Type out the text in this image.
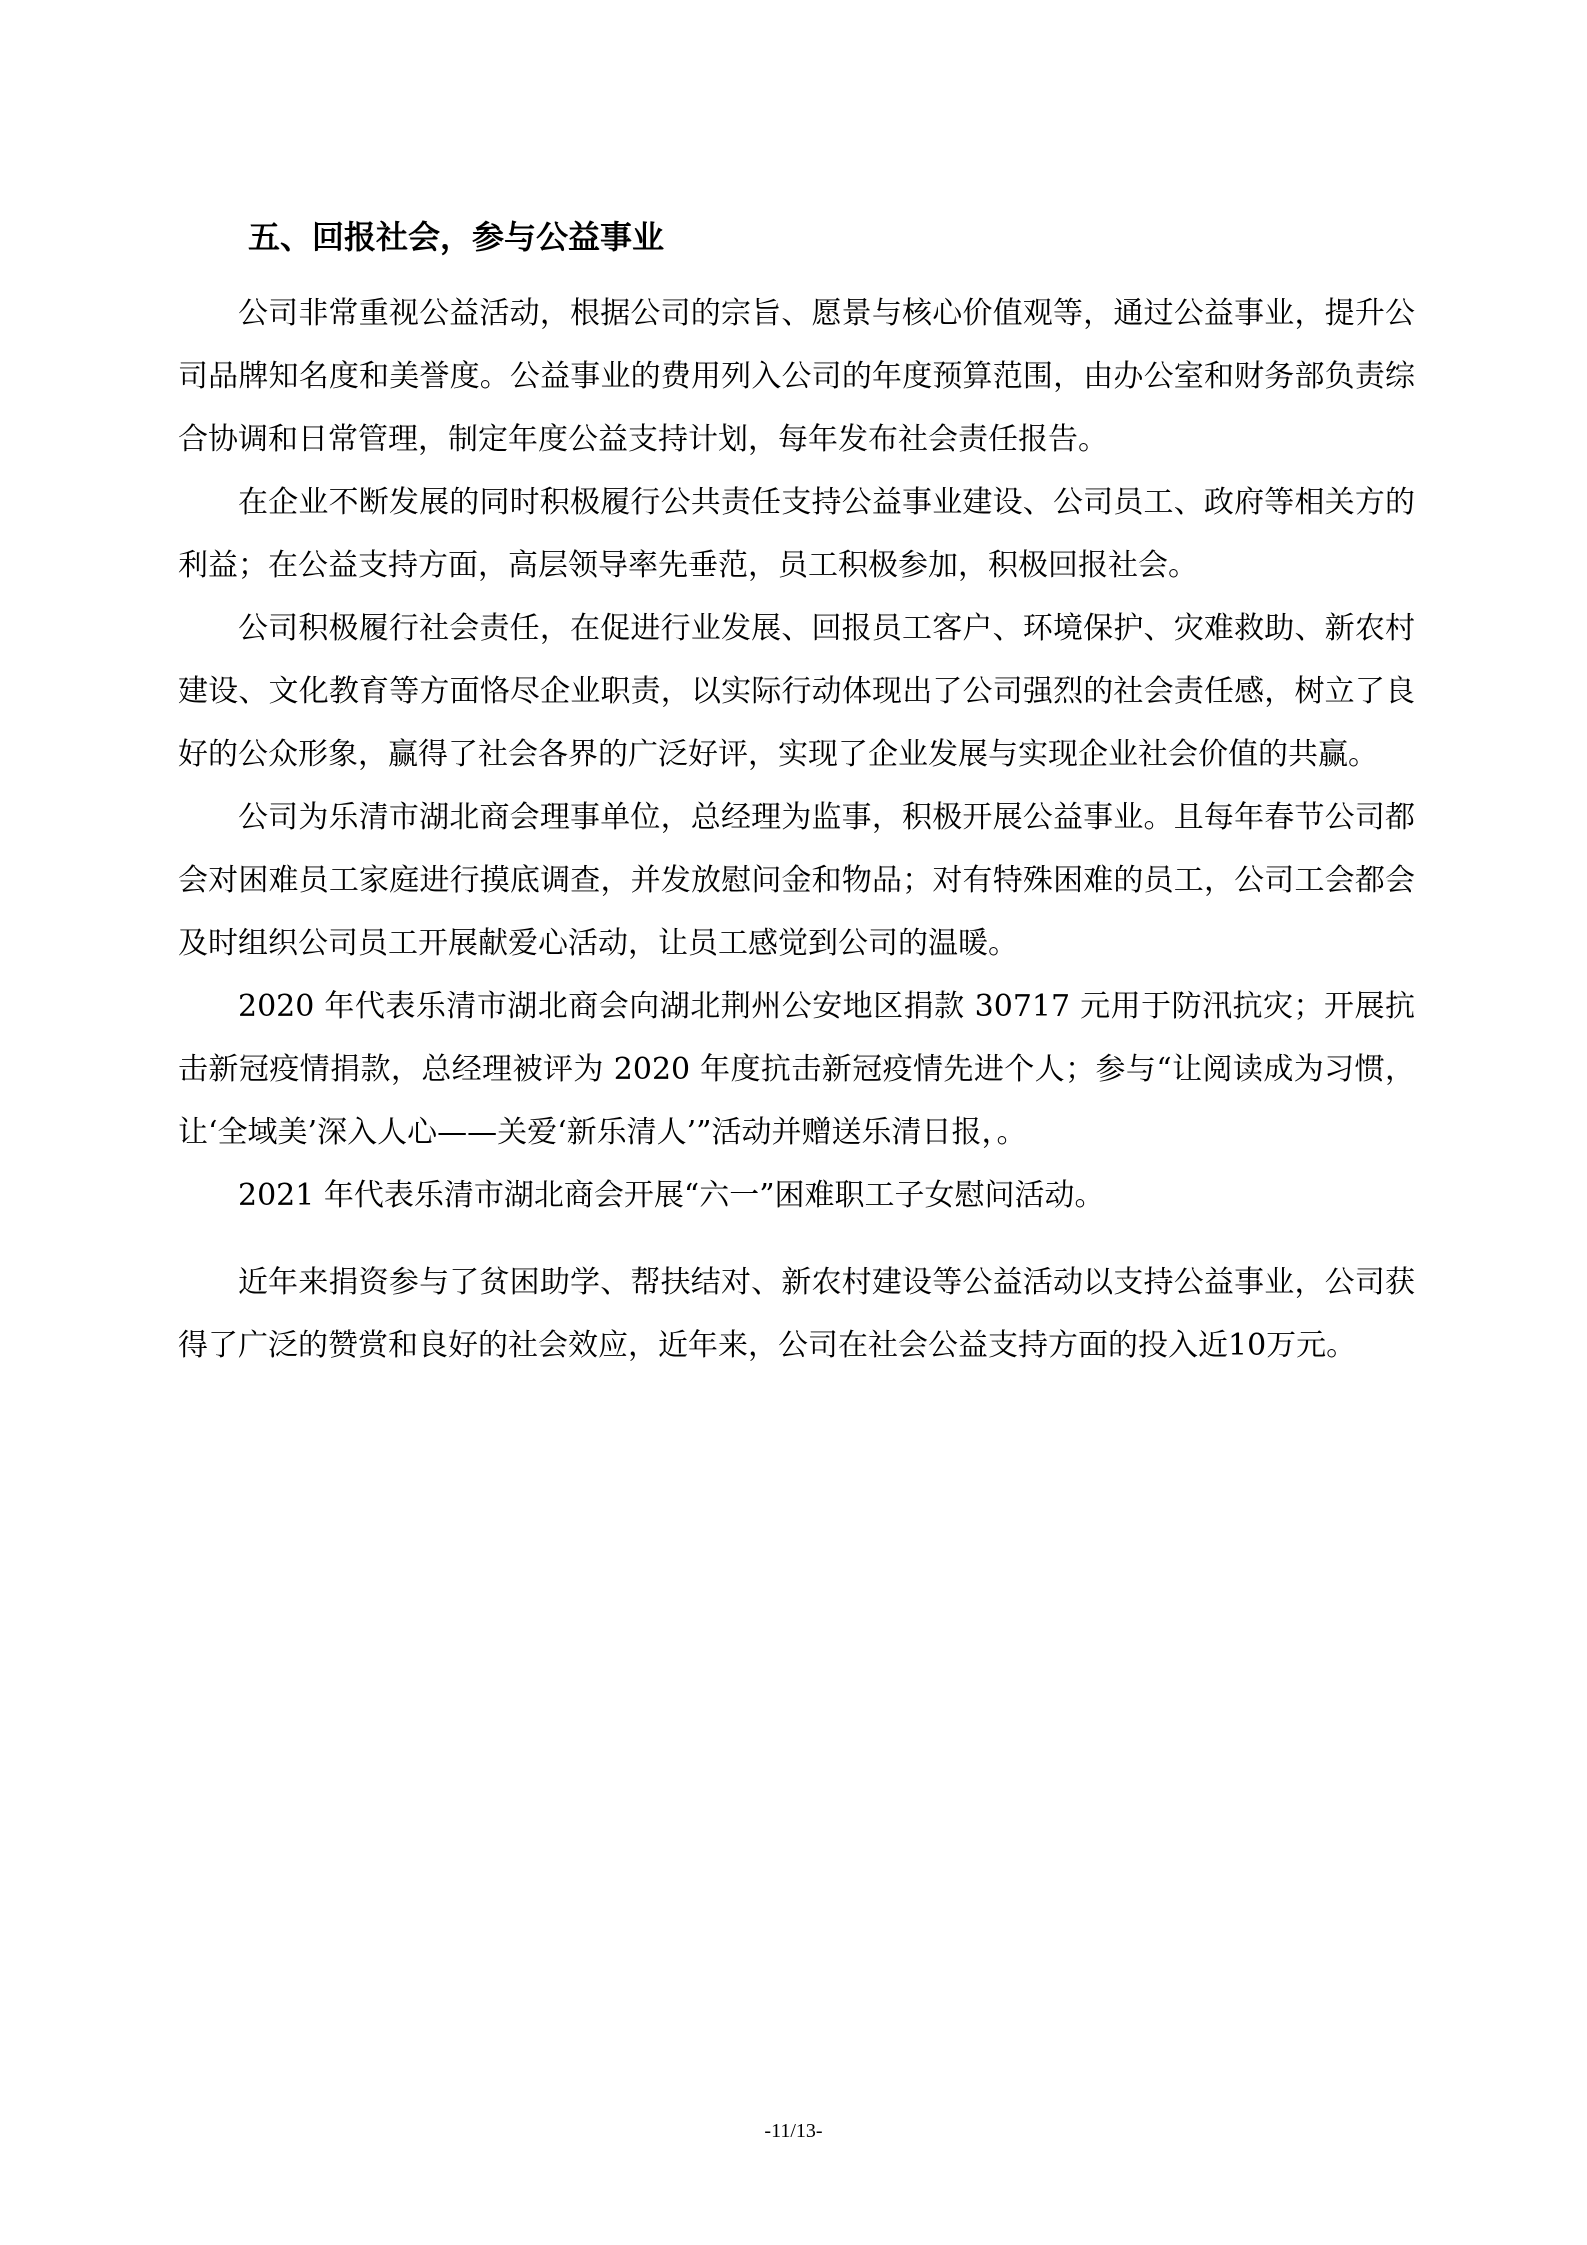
五、回报社会，参与公益事业

公司非常重视公益活动，根据公司的宗旨、愿景与核心价值观等，通过公益事业，提升公司品牌知名度和美誉度。公益事业的费用列入公司的年度预算范围，由办公室和财务部负责综合协调和日常管理，制定年度公益支持计划，每年发布社会责任报告。

在企业不断发展的同时积极履行公共责任支持公益事业建设、公司员工、政府等相关方的利益；在公益支持方面，高层领导率先垂范，员工积极参加，积极回报社会。

公司积极履行社会责任，在促进行业发展、回报员工客户、环境保护、灾难救助、新农村建设、文化教育等方面恪尽企业职责，以实际行动体现出了公司强烈的社会责任感，树立了良好的公众形象，赢得了社会各界的广泛好评，实现了企业发展与实现企业社会价值的共赢。

公司为乐清市湖北商会理事单位，总经理为监事，积极开展公益事业。且每年春节公司都会对困难员工家庭进行摸底调查，并发放慰问金和物品；对有特殊困难的员工，公司工会都会及时组织公司员工开展献爱心活动，让员工感觉到公司的温暖。

2020 年代表乐清市湖北商会向湖北荆州公安地区捐款 30717 元用于防汛抗灾；开展抗击新冠疫情捐款，总经理被评为 2020 年度抗击新冠疫情先进个人；参与“让阅读成为习惯，让‘全域美’深入人心——关爱‘新乐清人’”活动并赠送乐清日报，。

2021 年代表乐清市湖北商会开展“六一”困难职工子女慰问活动。

近年来捐资参与了贫困助学、帮扶结对、新农村建设等公益活动以支持公益事业，公司获得了广泛的赞赏和良好的社会效应，近年来，公司在社会公益支持方面的投入近10万元。

-11/13-
